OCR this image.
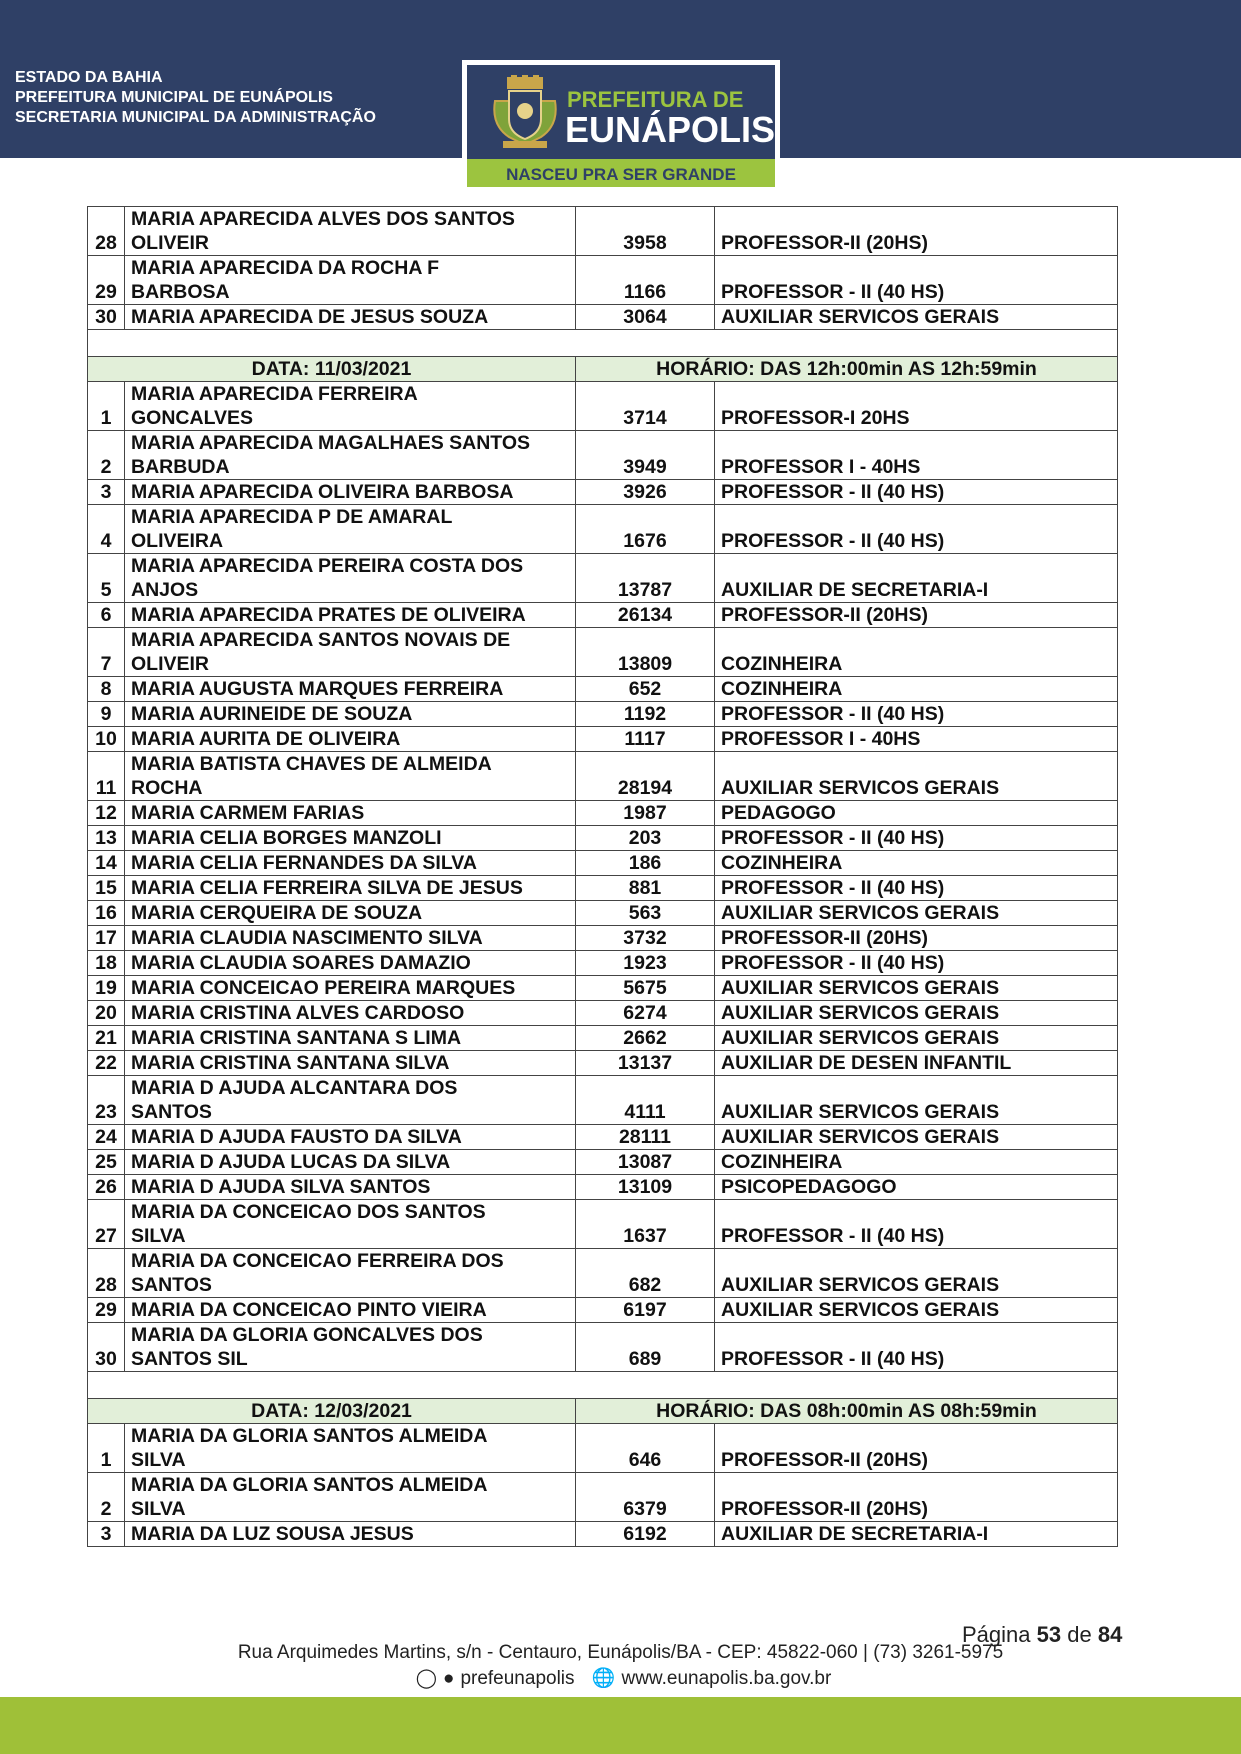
ESTADO DA BAHIA
PREFEITURA MUNICIPAL DE EUNÁPOLIS
SECRETARIA MUNICIPAL DA ADMINISTRAÇÃO
PREFEITURA DE
EUNÁPOLIS
NASCEU PRA SER GRANDE
28	MARIA APARECIDA ALVES DOS SANTOS
OLIVEIR	3958	PROFESSOR-II (20HS)
29	MARIA APARECIDA DA ROCHA F
BARBOSA	1166	PROFESSOR - II (40 HS)
30	MARIA APARECIDA DE JESUS SOUZA	3064	AUXILIAR SERVICOS GERAIS

DATA: 11/03/2021		HORÁRIO: DAS 12h:00min AS 12h:59min	
1	MARIA APARECIDA FERREIRA
GONCALVES	3714	PROFESSOR-I 20HS
2	MARIA APARECIDA MAGALHAES SANTOS
BARBUDA	3949	PROFESSOR I - 40HS
3	MARIA APARECIDA OLIVEIRA BARBOSA	3926	PROFESSOR - II (40 HS)
4	MARIA APARECIDA P DE AMARAL
OLIVEIRA	1676	PROFESSOR - II (40 HS)
5	MARIA APARECIDA PEREIRA COSTA DOS
ANJOS	13787	AUXILIAR DE SECRETARIA-I
6	MARIA APARECIDA PRATES DE OLIVEIRA	26134	PROFESSOR-II (20HS)
7	MARIA APARECIDA SANTOS NOVAIS DE
OLIVEIR	13809	COZINHEIRA
8	MARIA AUGUSTA MARQUES FERREIRA	652	COZINHEIRA
9	MARIA AURINEIDE DE SOUZA	1192	PROFESSOR - II (40 HS)
10	MARIA AURITA DE OLIVEIRA	1117	PROFESSOR I - 40HS
11	MARIA BATISTA CHAVES DE ALMEIDA
ROCHA	28194	AUXILIAR SERVICOS GERAIS
12	MARIA CARMEM FARIAS	1987	PEDAGOGO
13	MARIA CELIA BORGES MANZOLI	203	PROFESSOR - II (40 HS)
14	MARIA CELIA FERNANDES DA SILVA	186	COZINHEIRA
15	MARIA CELIA FERREIRA SILVA DE JESUS	881	PROFESSOR - II (40 HS)
16	MARIA CERQUEIRA DE SOUZA	563	AUXILIAR SERVICOS GERAIS
17	MARIA CLAUDIA NASCIMENTO SILVA	3732	PROFESSOR-II (20HS)
18	MARIA CLAUDIA SOARES DAMAZIO	1923	PROFESSOR - II (40 HS)
19	MARIA CONCEICAO PEREIRA MARQUES	5675	AUXILIAR SERVICOS GERAIS
20	MARIA CRISTINA ALVES CARDOSO	6274	AUXILIAR SERVICOS GERAIS
21	MARIA CRISTINA SANTANA S LIMA	2662	AUXILIAR SERVICOS GERAIS
22	MARIA CRISTINA SANTANA SILVA	13137	AUXILIAR DE DESEN INFANTIL
23	MARIA D AJUDA ALCANTARA DOS
SANTOS	4111	AUXILIAR SERVICOS GERAIS
24	MARIA D AJUDA FAUSTO DA SILVA	28111	AUXILIAR SERVICOS GERAIS
25	MARIA D AJUDA LUCAS DA SILVA	13087	COZINHEIRA
26	MARIA D AJUDA SILVA SANTOS	13109	PSICOPEDAGOGO
27	MARIA DA CONCEICAO DOS SANTOS
SILVA	1637	PROFESSOR - II (40 HS)
28	MARIA DA CONCEICAO FERREIRA DOS
SANTOS	682	AUXILIAR SERVICOS GERAIS
29	MARIA DA CONCEICAO PINTO VIEIRA	6197	AUXILIAR SERVICOS GERAIS
30	MARIA DA GLORIA GONCALVES DOS
SANTOS SIL	689	PROFESSOR - II (40 HS)

DATA: 12/03/2021		HORÁRIO: DAS 08h:00min AS 08h:59min	
1	MARIA DA GLORIA SANTOS ALMEIDA
SILVA	646	PROFESSOR-II (20HS)
2	MARIA DA GLORIA SANTOS ALMEIDA
SILVA	6379	PROFESSOR-II (20HS)
3	MARIA DA LUZ SOUSA JESUS	6192	AUXILIAR DE SECRETARIA-I
Página 53 de 84
Rua Arquimedes Martins, s/n - Centauro, Eunápolis/BA - CEP: 45822-060 | (73) 3261-5975
◯ ● prefeunapolis 🌐 www.eunapolis.ba.gov.br
